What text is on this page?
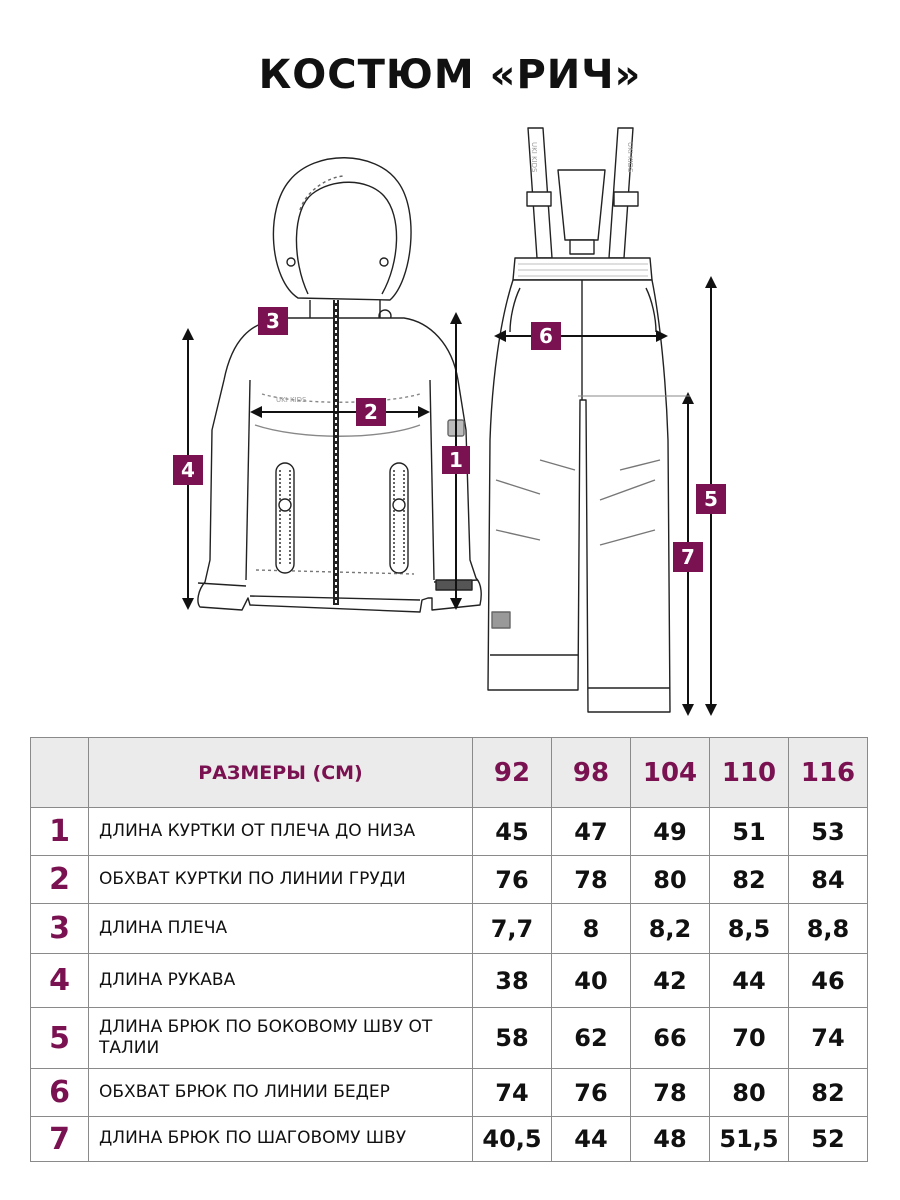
КОСТЮМ «РИЧ»
UKI KIDS
UKI KIDS	UKI KIDS
1
2
3
4
5
6
7
	РАЗМЕРЫ (СМ)	92	98	104	110	116
1	ДЛИНА КУРТКИ ОТ ПЛЕЧА ДО НИЗА	45	47	49	51	53
2	ОБХВАТ КУРТКИ ПО ЛИНИИ ГРУДИ	76	78	80	82	84
3	ДЛИНА ПЛЕЧА	7,7	8	8,2	8,5	8,8
4	ДЛИНА РУКАВА	38	40	42	44	46
5	ДЛИНА БРЮК ПО БОКОВОМУ ШВУ ОТ ТАЛИИ	58	62	66	70	74
6	ОБХВАТ БРЮК ПО ЛИНИИ БЕДЕР	74	76	78	80	82
7	ДЛИНА БРЮК ПО ШАГОВОМУ ШВУ	40,5	44	48	51,5	52
